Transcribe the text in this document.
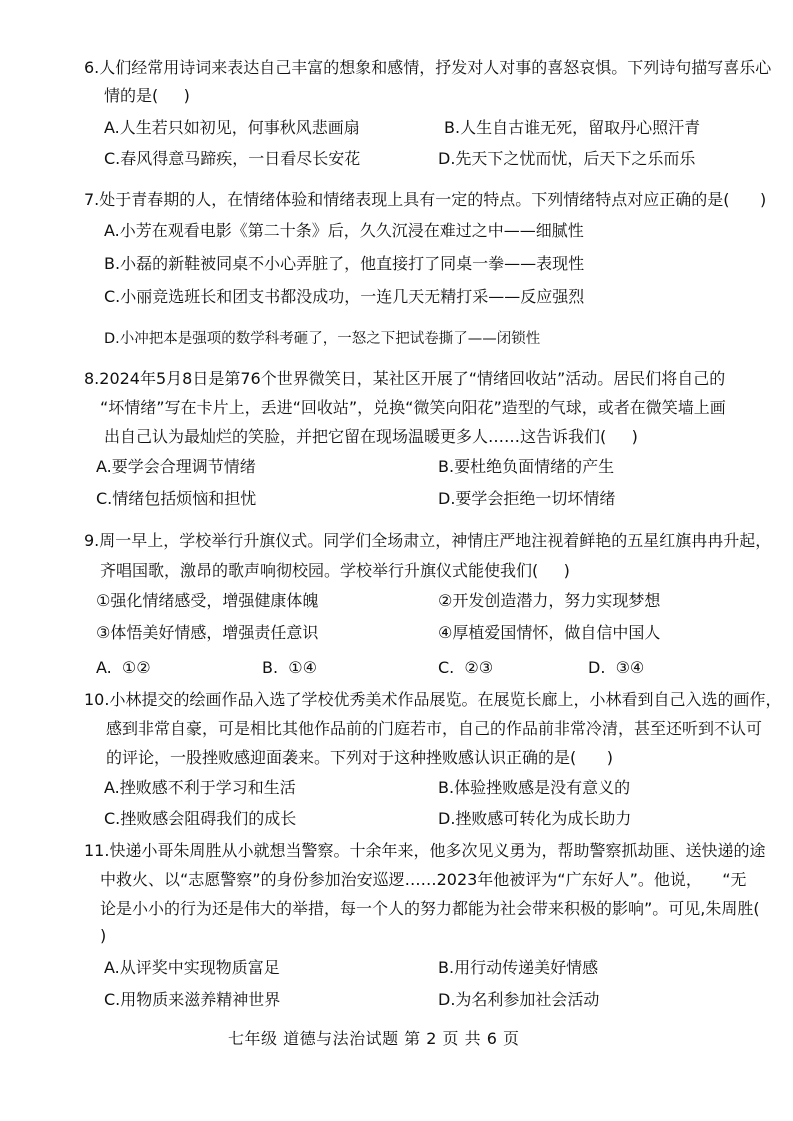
6.人们经常用诗词来表达自己丰富的想象和感情，抒发对人对事的喜怒哀惧。下列诗句描写喜乐心
情的是(     )
A.人生若只如初见，何事秋风悲画扇	B.人生自古谁无死，留取丹心照汗青
C.春风得意马蹄疾，一日看尽长安花	D.先天下之忧而忧，后天下之乐而乐
7.处于青春期的人，在情绪体验和情绪表现上具有一定的特点。下列情绪特点对应正确的是(      )
A.小芳在观看电影《第二十条》后，久久沉浸在难过之中——细腻性
B.小磊的新鞋被同桌不小心弄脏了，他直接打了同桌一拳——表现性
C.小丽竞选班长和团支书都没成功，一连几天无精打采——反应强烈
D.小冲把本是强项的数学科考砸了，一怒之下把试卷撕了——闭锁性
8.2024年5月8日是第76个世界微笑日，某社区开展了“情绪回收站”活动。居民们将自己的
“坏情绪”写在卡片上，丢进“回收站”，兑换“微笑向阳花”造型的气球，或者在微笑墙上画
出自己认为最灿烂的笑脸，并把它留在现场温暖更多人……这告诉我们(     )
A.要学会合理调节情绪	B.要杜绝负面情绪的产生
C.情绪包括烦恼和担忧	D.要学会拒绝一切坏情绪
9.周一早上，学校举行升旗仪式。同学们全场肃立，神情庄严地注视着鲜艳的五星红旗冉冉升起，
齐唱国歌，激昂的歌声响彻校园。学校举行升旗仪式能使我们(     )
①强化情绪感受，增强健康体魄	②开发创造潜力，努力实现梦想
③体悟美好情感，增强责任意识	④厚植爱国情怀，做自信中国人
A.  ①②	B.  ①④	C.  ②③	D.  ③④
10.小林提交的绘画作品入选了学校优秀美术作品展览。在展览长廊上，小林看到自己入选的画作，
感到非常自豪，可是相比其他作品前的门庭若市，自己的作品前非常冷清，甚至还听到不认可
的评论，一股挫败感迎面袭来。下列对于这种挫败感认识正确的是(      )
A.挫败感不利于学习和生活	B.体验挫败感是没有意义的
C.挫败感会阻碍我们的成长	D.挫败感可转化为成长助力
11.快递小哥朱周胜从小就想当警察。十余年来，他多次见义勇为，帮助警察抓劫匪、送快递的途
中救火、以“志愿警察”的身份参加治安巡逻……2023年他被评为“广东好人”。他说，    “无
论是小小的行为还是伟大的举措，每一个人的努力都能为社会带来积极的影响”。可见,朱周胜(
)
A.从评奖中实现物质富足	B.用行动传递美好情感
C.用物质来滋养精神世界	D.为名利参加社会活动
七年级 道德与法治试题 第 2 页 共 6 页
